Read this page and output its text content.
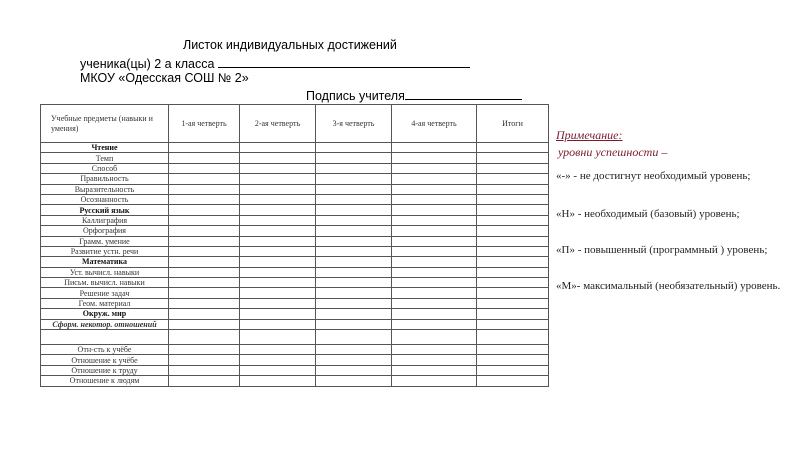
Листок индивидуальных достижений
ученика(цы) 2 а класса
МКОУ «Одесская СОШ № 2»
Подпись учителя
Учебные предметы (навыки и умения)	1-ая четверть	2-ая четверть	3-я четверть	4-ая четверть	Итоги
Чтение					
Темп					
Способ					
Правильность					
Выразительность					
Осознанность					
Русский язык					
Каллиграфия					
Орфография					
Грамм. умение					
Развитие устн. речи					
Математика					
Уст. вычисл. навыки					
Письм. вычисл. навыки					
Решение задач					
Геом. материал					
Окруж. мир					
Сформ. некотор. отношений					

Отн-сть к учёбе					
Отношение к учёбе					
Отношение к труду					
Отношение к людям					
Примечание:
уровни успешности –
«-» - не достигнут необходимый уровень;
«Н» - необходимый (базовый) уровень;
«П» - повышенный (программный ) уровень;
«М»- максимальный (необязательный) уровень.
